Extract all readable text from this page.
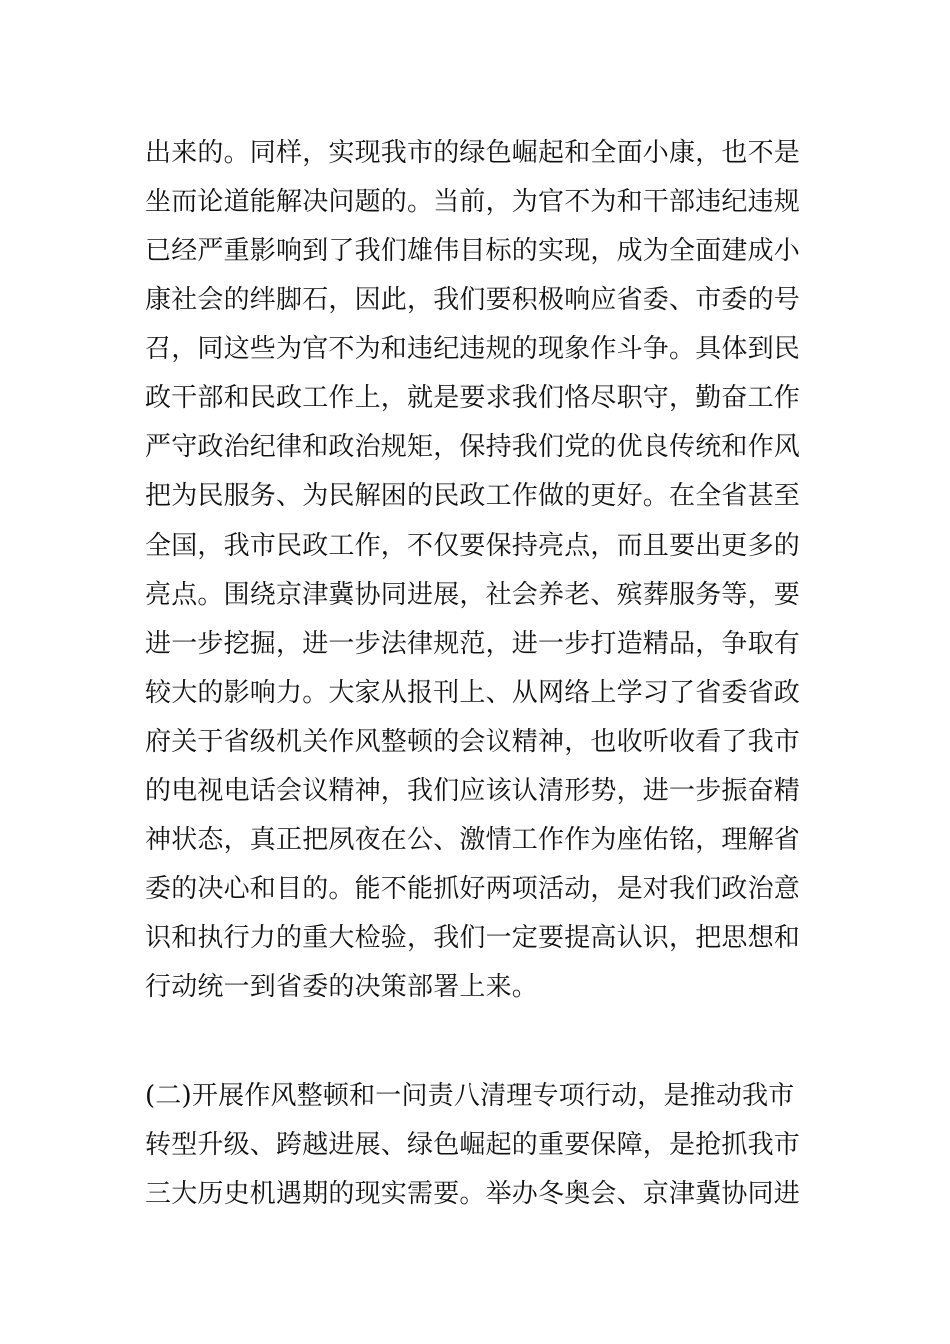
出来的。同样，实现我市的绿色崛起和全面小康，也不是
坐而论道能解决问题的。当前，为官不为和干部违纪违规
已经严重影响到了我们雄伟目标的实现，成为全面建成小
康社会的绊脚石，因此，我们要积极响应省委、市委的号
召，同这些为官不为和违纪违规的现象作斗争。具体到民
政干部和民政工作上，就是要求我们恪尽职守，勤奋工作
严守政治纪律和政治规矩，保持我们党的优良传统和作风
把为民服务、为民解困的民政工作做的更好。在全省甚至
全国，我市民政工作，不仅要保持亮点，而且要出更多的
亮点。围绕京津冀协同进展，社会养老、殡葬服务等，要
进一步挖掘，进一步法律规范，进一步打造精品，争取有
较大的影响力。大家从报刊上、从网络上学习了省委省政
府关于省级机关作风整顿的会议精神，也收听收看了我市
的电视电话会议精神，我们应该认清形势，进一步振奋精
神状态，真正把夙夜在公、激情工作作为座佑铭，理解省
委的决心和目的。能不能抓好两项活动，是对我们政治意
识和执行力的重大检验，我们一定要提高认识，把思想和
行动统一到省委的决策部署上来。
(二)开展作风整顿和一问责八清理专项行动，是推动我市
转型升级、跨越进展、绿色崛起的重要保障，是抢抓我市
三大历史机遇期的现实需要。举办冬奥会、京津冀协同进
